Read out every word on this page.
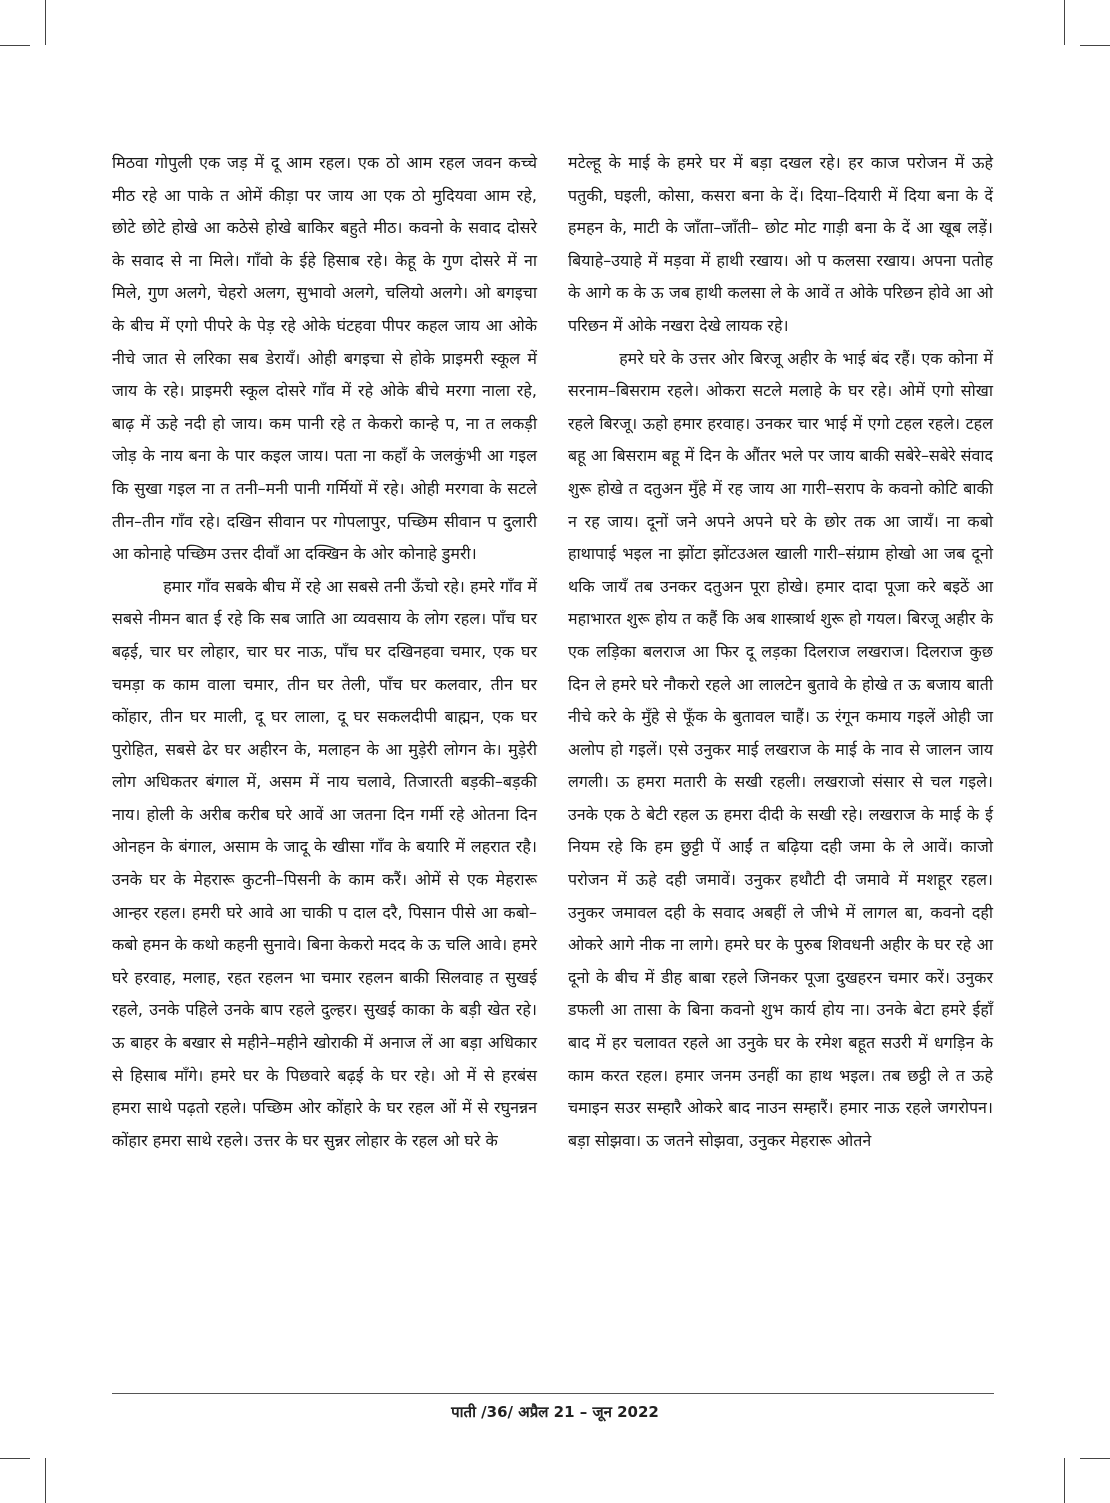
मिठवा गोपुली एक जड़ में दू आम रहल। एक ठो आम रहल जवन कच्चे मीठ रहे आ पाके त ओमें कीड़ा पर जाय आ एक ठो मुदियवा आम रहे, छोटे छोटे होखे आ कठेसे होखे बाकिर बहुते मीठ। कवनो के सवाद दोसरे के सवाद से ना मिले। गाँवो के ईहे हिसाब रहे। केहू के गुण दोसरे में ना मिले, गुण अलगे, चेहरो अलग, सुभावो अलगे, चलियो अलगे। ओ बगइचा के बीच में एगो पीपरे के पेड़ रहे ओके घंटहवा पीपर कहल जाय आ ओके नीचे जात से लरिका सब डेरायँ। ओही बगइचा से होके प्राइमरी स्कूल में जाय के रहे। प्राइमरी स्कूल दोसरे गाँव में रहे ओके बीचे मरगा नाला रहे, बाढ़ में ऊहे नदी हो जाय। कम पानी रहे त केकरो कान्हे प, ना त लकड़ी जोड़ के नाय बना के पार कइल जाय। पता ना कहाँ के जलकुंभी आ गइल कि सुखा गइल ना त तनी–मनी पानी गर्मियों में रहे। ओही मरगवा के सटले तीन–तीन गाँव रहे। दखिन सीवान पर गोपलापुर, पच्छिम सीवान प दुलारी आ कोनाहे पच्छिम उत्तर दीवाँ आ दक्खिन के ओर कोनाहे डुमरी।

हमार गाँव सबके बीच में रहे आ सबसे तनी ऊँचो रहे। हमरे गाँव में सबसे नीमन बात ई रहे कि सब जाति आ व्यवसाय के लोग रहल। पाँच घर बढ़ई, चार घर लोहार, चार घर नाऊ, पाँच घर दखिनहवा चमार, एक घर चमड़ा क काम वाला चमार, तीन घर तेली, पाँच घर कलवार, तीन घर कोंहार, तीन घर माली, दू घर लाला, दू घर सकलदीपी बाह्मन, एक घर पुरोहित, सबसे ढेर घर अहीरन के, मलाहन के आ मुड़ेरी लोगन के। मुड़ेरी लोग अधिकतर बंगाल में, असम में नाय चलावे, तिजारती बड़की–बड़की नाय। होली के अरीब करीब घरे आवें आ जतना दिन गर्मी रहे ओतना दिन ओनहन के बंगाल, असाम के जादू के खीसा गाँव के बयारि में लहरात रहै। उनके घर के मेहरारू कुटनी–पिसनी के काम करैं। ओमें से एक मेहरारू आन्हर रहल। हमरी घरे आवे आ चाकी प दाल दरै, पिसान पीसे आ कबो–कबो हमन के कथो कहनी सुनावे। बिना केकरो मदद के ऊ चलि आवे। हमरे घरे हरवाह, मलाह, रहत रहलन भा चमार रहलन बाकी सिलवाह त सुखई रहले, उनके पहिले उनके बाप रहले दुल्हर। सुखई काका के बड़ी खेत रहे। ऊ बाहर के बखार से महीने–महीने खोराकी में अनाज लें आ बड़ा अधिकार से हिसाब माँगे। हमरे घर के पिछवारे बढ़ई के घर रहे। ओ में से हरबंस हमरा साथे पढ़तो रहले। पच्छिम ओर कोंहारे के घर रहल ओं में से रघुनन्नन कोंहार हमरा साथे रहले। उत्तर के घर सुन्नर लोहार के रहल ओ घरे के

मटेल्हू के माई के हमरे घर में बड़ा दखल रहे। हर काज परोजन में ऊहे पतुकी, घइली, कोसा, कसरा बना के दें। दिया–दियारी में दिया बना के दें हमहन के, माटी के जाँता–जाँती– छोट मोट गाड़ी बना के दें आ खूब लड़ें। बियाहे–उयाहे में मड़वा में हाथी रखाय। ओ प कलसा रखाय। अपना पतोह के आगे क के ऊ जब हाथी कलसा ले के आवें त ओके परिछन होवे आ ओ परिछन में ओके नखरा देखे लायक रहे।

हमरे घरे के उत्तर ओर बिरजू अहीर के भाई बंद रहैं। एक कोना में सरनाम–बिसराम रहले। ओकरा सटले मलाहे के घर रहे। ओमें एगो सोखा रहले बिरजू। ऊहो हमार हरवाह। उनकर चार भाई में एगो टहल रहले। टहल बहू आ बिसराम बहू में दिन के औंतर भले पर जाय बाकी सबेरे–सबेरे संवाद शुरू होखे त दतुअन मुँहे में रह जाय आ गारी–सराप के कवनो कोटि बाकी न रह जाय। दूनों जने अपने अपने घरे के छोर तक आ जायँ। ना कबो हाथापाई भइल ना झोंटा झोंटउअल खाली गारी–संग्राम होखो आ जब दूनो थकि जायँ तब उनकर दतुअन पूरा होखे। हमार दादा पूजा करे बइठें आ महाभारत शुरू होय त कहैं कि अब शास्त्रार्थ शुरू हो गयल। बिरजू अहीर के एक लड़िका बलराज आ फिर दू लड़का दिलराज लखराज। दिलराज कुछ दिन ले हमरे घरे नौकरो रहले आ लालटेन बुतावे के होखे त ऊ बजाय बाती नीचे करे के मुँहे से फूँक के बुतावल चाहैं। ऊ रंगून कमाय गइलें ओही जा अलोप हो गइलें। एसे उनुकर माई लखराज के माई के नाव से जालन जाय लगली। ऊ हमरा मतारी के सखी रहली। लखराजो संसार से चल गइले। उनके एक ठे बेटी रहल ऊ हमरा दीदी के सखी रहे। लखराज के माई के ई नियम रहे कि हम छुट्टी पें आईं त बढ़िया दही जमा के ले आवें। काजो परोजन में ऊहे दही जमावें। उनुकर हथौटी दी जमावे में मशहूर रहल। उनुकर जमावल दही के सवाद अबहीं ले जीभे में लागल बा, कवनो दही ओकरे आगे नीक ना लागे। हमरे घर के पुरुब शिवधनी अहीर के घर रहे आ दूनो के बीच में डीह बाबा रहले जिनकर पूजा दुखहरन चमार करें। उनुकर डफली आ तासा के बिना कवनो शुभ कार्य होय ना। उनके बेटा हमरे ईहाँ बाद में हर चलावत रहले आ उनुके घर के रमेश बहूत सउरी में धगड़िन के काम करत रहल। हमार जनम उनहीं का हाथ भइल। तब छट्ठी ले त ऊहे चमाइन सउर सम्हारै ओकरे बाद नाउन सम्हारैं। हमार नाऊ रहले जगरोपन। बड़ा सोझवा। ऊ जतने सोझवा, उनुकर मेहरारू ओतने

पाती /36/ अप्रैल 21 – जून 2022
